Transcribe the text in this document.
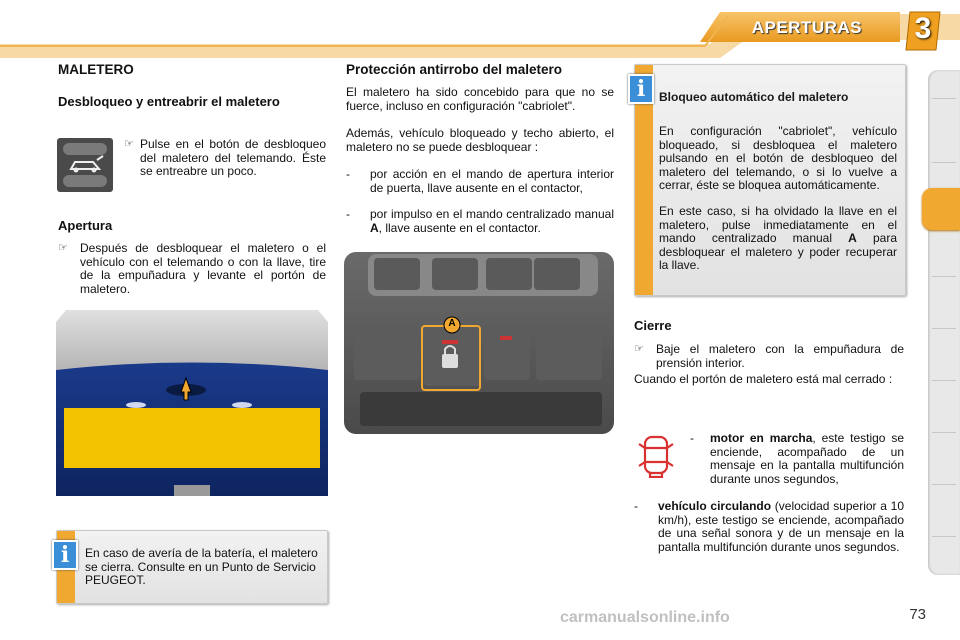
APERTURAS	3
MALETERO
Desbloqueo y entreabrir el maletero
☞ Pulse en el botón de desbloqueo del maletero del telemando. Éste se entreabre un poco.
Apertura
☞	Después de desbloquear el maletero o el vehículo con el telemando o con la llave, tire de la empuñadura y levante el portón de maletero.
En caso de avería de la batería, el maletero se cierra. Consulte en un Punto de Servicio PEUGEOT.
i
Protección antirrobo del maletero
El maletero ha sido concebido para que no se fuerce, incluso en configuración "cabriolet".
Además, vehículo bloqueado y techo abierto, el maletero no se puede desbloquear :
-	por acción en el mando de apertura interior de puerta, llave ausente en el contactor,
-	por impulso en el mando centralizado manual A, llave ausente en el contactor.
A
Bloqueo automático del maletero
En configuración "cabriolet", vehículo bloqueado, si desbloquea el maletero pulsando en el botón de desbloqueo del maletero del telemando, o si lo vuelve a cerrar, éste se bloquea automáticamente.
En este caso, si ha olvidado la llave en el maletero, pulse inmediatamente en el mando centralizado manual A para desbloquear el maletero y poder recuperar la llave.
i
Cierre
☞	Baje el maletero con la empuñadura de prensión interior.
Cuando el portón de maletero está mal cerrado :
-	motor en marcha, este testigo se enciende, acompañado de un mensaje en la pantalla multifunción durante unos segundos,
-	vehículo circulando (velocidad superior a 10 km/h), este testigo se enciende, acompañado de una señal sonora y de un mensaje en la pantalla multifunción durante unos segundos.
carmanualsonline.info	73
